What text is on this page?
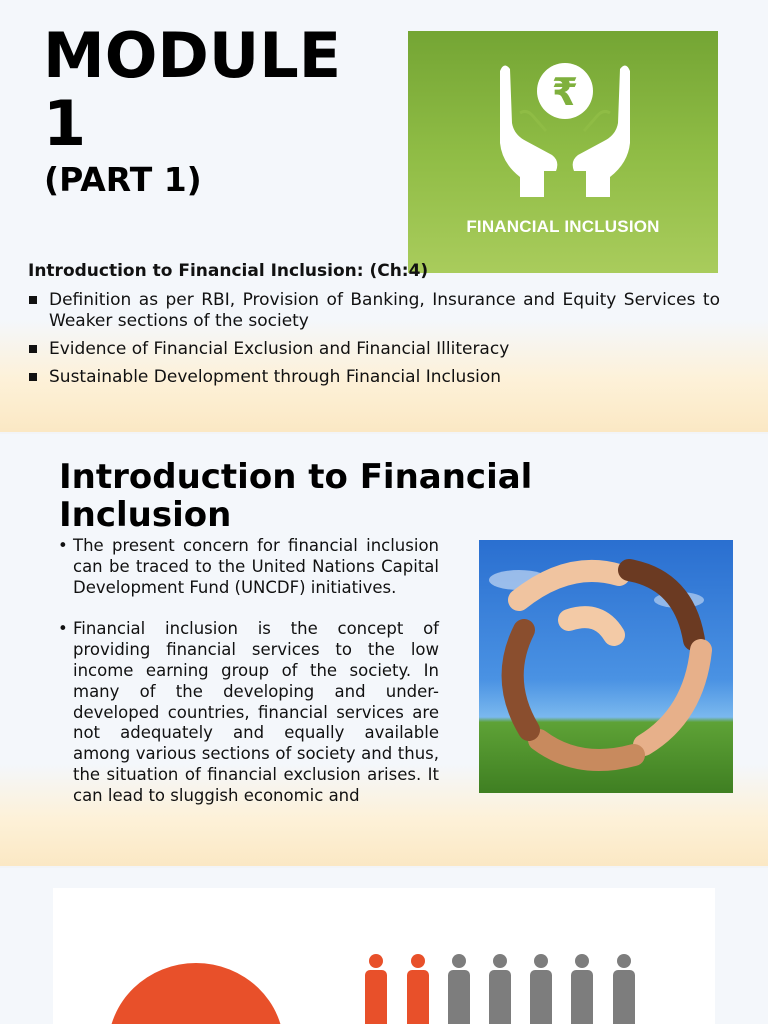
MODULE
1
(PART 1)
₹
FINANCIAL INCLUSION
Introduction to Financial Inclusion: (Ch:4)
Definition as per RBI, Provision of Banking, Insurance and Equity Services to Weaker sections of the society
Evidence of Financial Exclusion and Financial Illiteracy
Sustainable Development through Financial Inclusion
Introduction to Financial Inclusion
• The present concern for financial inclusion can be traced to the United Nations Capital Development Fund (UNCDF) initiatives.
• Financial inclusion is the concept of providing financial services to the low income earning group of the society. In many of the developing and under-developed countries, financial services are not adequately and equally available among various sections of society and thus, the situation of financial exclusion arises. It can lead to sluggish economic and
